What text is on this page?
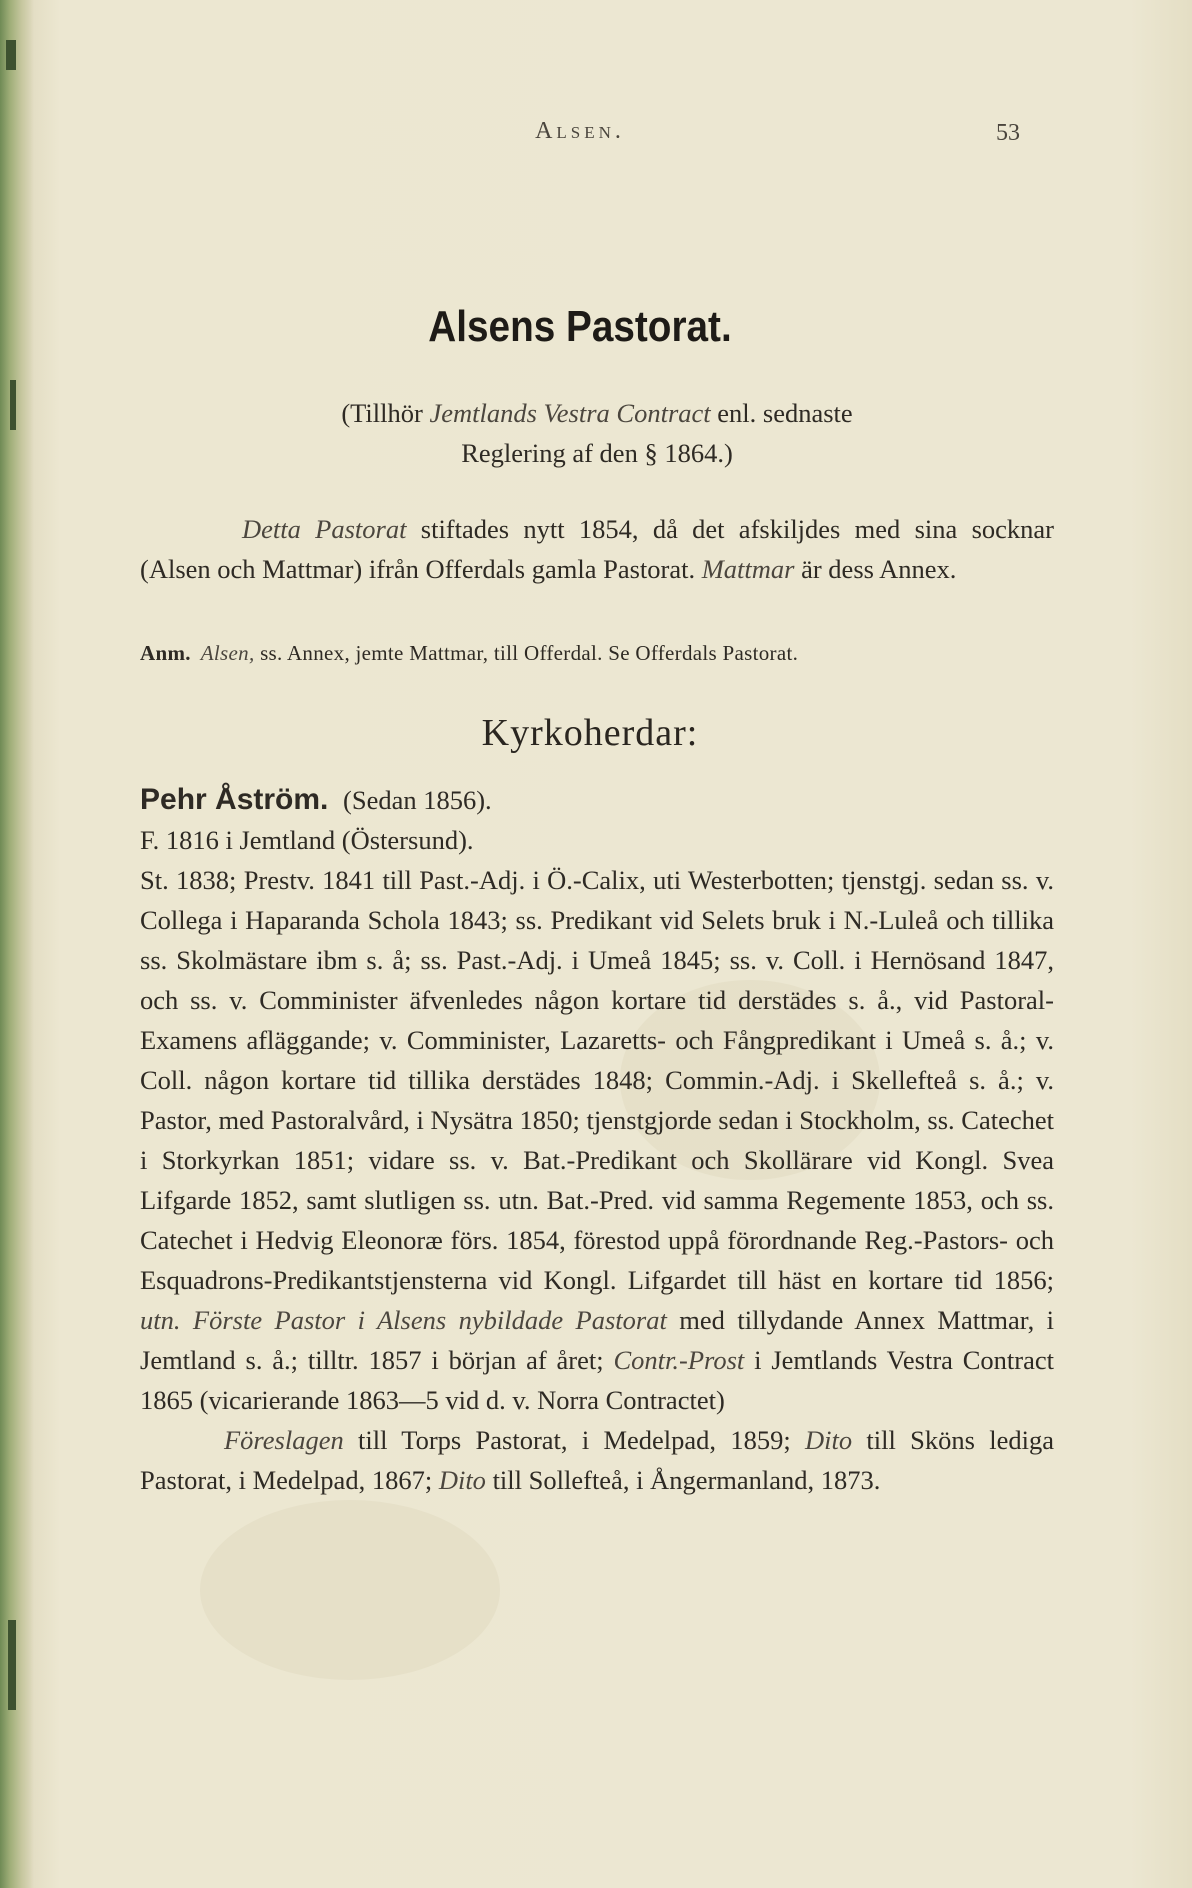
Alsen.	53
Alsens Pastorat.
(Tillhör Jemtlands Vestra Contract enl. sednaste
Reglering af den § 1864.)
Detta Pastorat stiftades nytt 1854, då det afskiljdes med sina socknar (Alsen och Mattmar) ifrån Offerdals gamla Pastorat. Mattmar är dess Annex.
Anm. Alsen, ss. Annex, jemte Mattmar, till Offerdal. Se Offerdals Pastorat.
Kyrkoherdar:
Pehr Åström. (Sedan 1856).
F. 1816 i Jemtland (Östersund).
St. 1838; Prestv. 1841 till Past.-Adj. i Ö.-Calix, uti Westerbotten; tjenstgj. sedan ss. v. Collega i Haparanda Schola 1843; ss. Predikant vid Selets bruk i N.-Luleå och tillika ss. Skolmästare ibm s. å; ss. Past.-Adj. i Umeå 1845; ss. v. Coll. i Hernösand 1847, och ss. v. Comminister äfvenledes någon kortare tid derstädes s. å., vid Pastoral-Examens afläggande; v. Comminister, Lazaretts- och Fångpredikant i Umeå s. å.; v. Coll. någon kortare tid tillika derstädes 1848; Commin.-Adj. i Skellefteå s. å.; v. Pastor, med Pastoralvård, i Nysätra 1850; tjenstgjorde sedan i Stockholm, ss. Catechet i Storkyrkan 1851; vidare ss. v. Bat.-Predikant och Skollärare vid Kongl. Svea Lifgarde 1852, samt slutligen ss. utn. Bat.-Pred. vid samma Regemente 1853, och ss. Catechet i Hedvig Eleonoræ förs. 1854, förestod uppå förordnande Reg.-Pastors- och Esquadrons-Predikantstjensterna vid Kongl. Lifgardet till häst en kortare tid 1856; utn. Förste Pastor i Alsens nybildade Pastorat med tillydande Annex Mattmar, i Jemtland s. å.; tilltr. 1857 i början af året; Contr.-Prost i Jemtlands Vestra Contract 1865 (vicarierande 1863—5 vid d. v. Norra Contractet)
Föreslagen till Torps Pastorat, i Medelpad, 1859; Dito till Sköns lediga Pastorat, i Medelpad, 1867; Dito till Sollefteå, i Ångermanland, 1873.
